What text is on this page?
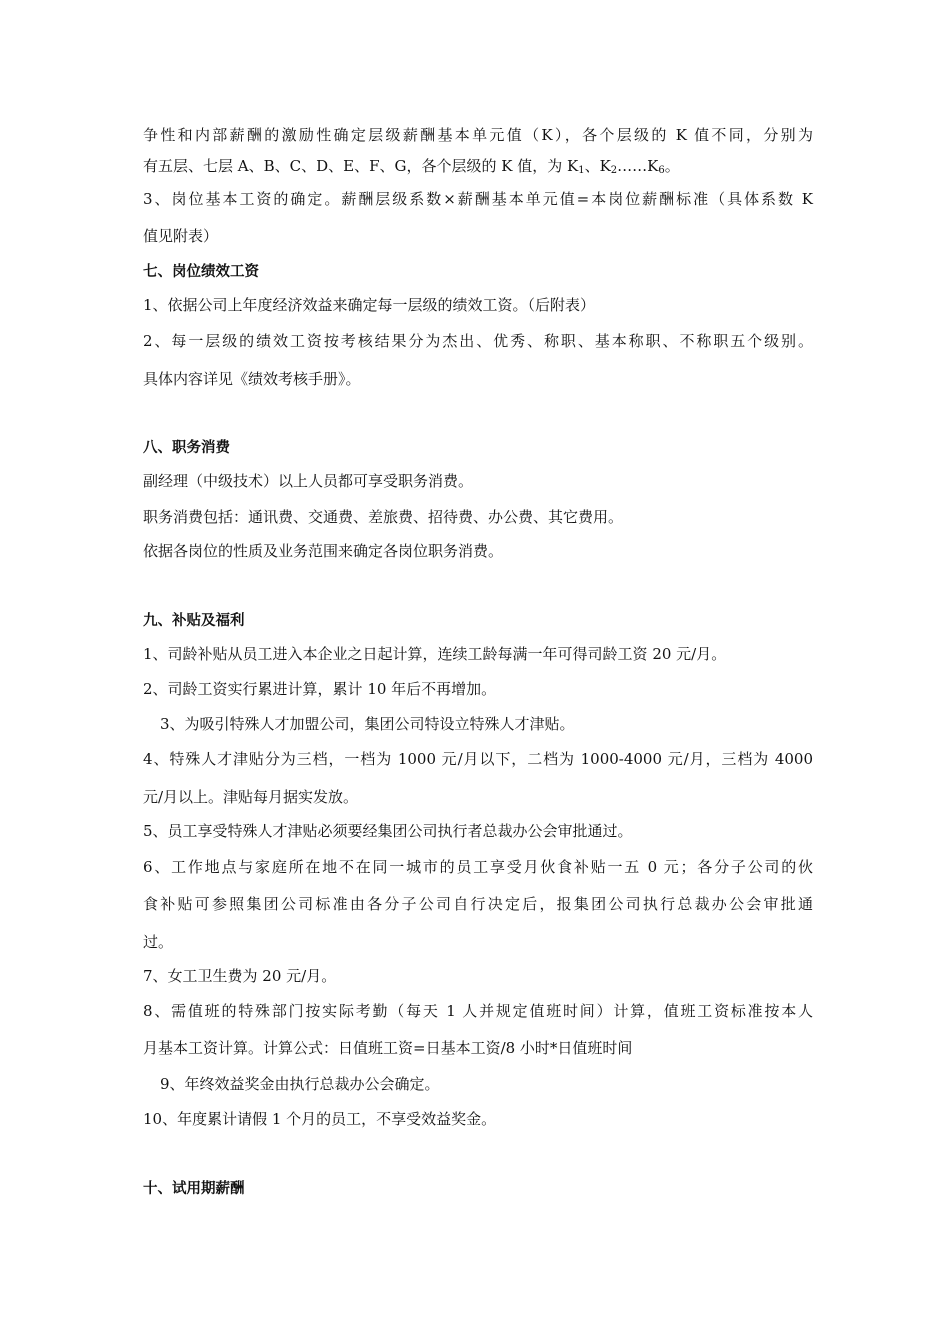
争性和内部薪酬的激励性确定层级薪酬基本单元值（K），各个层级的 K 值不同，分别为
有五层、七层 A、B、C、D、E、F、G，各个层级的 K 值，为 $K_1$、$K_2\dots\dots K_6$。
3、岗位基本工资的确定。薪酬层级系数×薪酬基本单元值=本岗位薪酬标准（具体系数 K
值见附表）
七、岗位绩效工资
1、依据公司上年度经济效益来确定每一层级的绩效工资。（后附表）
2、每一层级的绩效工资按考核结果分为杰出、优秀、称职、基本称职、不称职五个级别。
具体内容详见《绩效考核手册》。
八、职务消费
副经理（中级技术）以上人员都可享受职务消费。
职务消费包括：通讯费、交通费、差旅费、招待费、办公费、其它费用。
依据各岗位的性质及业务范围来确定各岗位职务消费。
九、补贴及福利
1、司龄补贴从员工进入本企业之日起计算，连续工龄每满一年可得司龄工资 20 元/月。
2、司龄工资实行累进计算，累计 10 年后不再增加。
3、为吸引特殊人才加盟公司，集团公司特设立特殊人才津贴。
4、特殊人才津贴分为三档，一档为 1000 元/月以下，二档为 1000-4000 元/月，三档为 4000
元/月以上。津贴每月据实发放。
5、员工享受特殊人才津贴必须要经集团公司执行者总裁办公会审批通过。
6、工作地点与家庭所在地不在同一城市的员工享受月伙食补贴一五 0 元；各分子公司的伙
食补贴可参照集团公司标准由各分子公司自行决定后，报集团公司执行总裁办公会审批通
过。
7、女工卫生费为 20 元/月。
8、需值班的特殊部门按实际考勤（每天 1 人并规定值班时间）计算，值班工资标准按本人
月基本工资计算。计算公式：日值班工资=日基本工资/8 小时*日值班时间
9、年终效益奖金由执行总裁办公会确定。
10、年度累计请假 1 个月的员工，不享受效益奖金。
十、试用期薪酬
